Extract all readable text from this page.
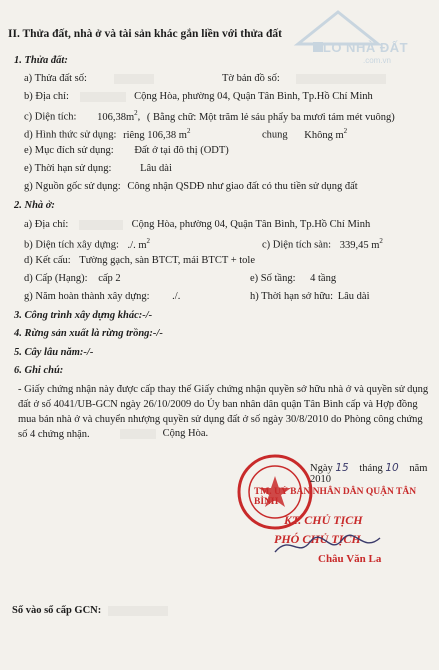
ALO NHÀ ĐẤT
.com.vn
II. Thửa đất, nhà ở và tài sản khác gắn liền với thửa đất
1. Thửa đất:
a) Thửa đất số:	Tờ bản đồ số:
b) Địa chỉ:	Cộng Hòa, phường 04, Quận Tân Bình, Tp.Hồ Chí Minh
c) Diện tích: $106,38m^2$, ( Bằng chữ: Một trăm lẻ sáu phẩy ba mươi tám mét vuông)
d) Hình thức sử dụng: riêng 106,38 $m^2$	chung Không $m^2$
e) Mục đích sử dụng: Đất ở tại đô thị (ODT)
e) Thời hạn sử dụng:	Lâu dài
g) Nguồn gốc sử dụng: Công nhận QSDĐ như giao đất có thu tiền sử dụng đất
2. Nhà ở:
a) Địa chỉ:	Cộng Hòa, phường 04, Quận Tân Bình, Tp.Hồ Chí Minh
b) Diện tích xây dựng: ./. $m^2$	c) Diện tích sàn: 339,45 $m^2$
d) Kết cấu: Tường gạch, sàn BTCT, mái BTCT + tole
d) Cấp (Hạng): cấp 2	e) Số tầng: 4 tầng
g) Năm hoàn thành xây dựng: ./.	h) Thời hạn sở hữu: Lâu dài
3. Công trình xây dựng khác:-/-
4. Rừng sản xuất là rừng trồng:-/-
5. Cây lâu năm:-/-
6. Ghi chú:
- Giấy chứng nhận này được cấp thay thế Giấy chứng nhận quyền sở hữu nhà ở và quyền sử dụng đất ở số 4041/UB-GCN ngày 26/10/2009 do Ủy ban nhân dân quận Tân Bình cấp và Hợp đồng mua bán nhà ở và chuyển nhượng quyền sử dụng đất ở số ngày 30/8/2010 do Phòng công chứng số 4 chứng nhận.	Cộng Hòa.
Ngày 15 tháng 10 năm 2010
TM. UỶ BAN NHÂN DÂN QUẬN TÂN BÌNH
KT. CHỦ TỊCH
PHÓ CHỦ TỊCH
Châu Văn La
Số vào sổ cấp GCN:
